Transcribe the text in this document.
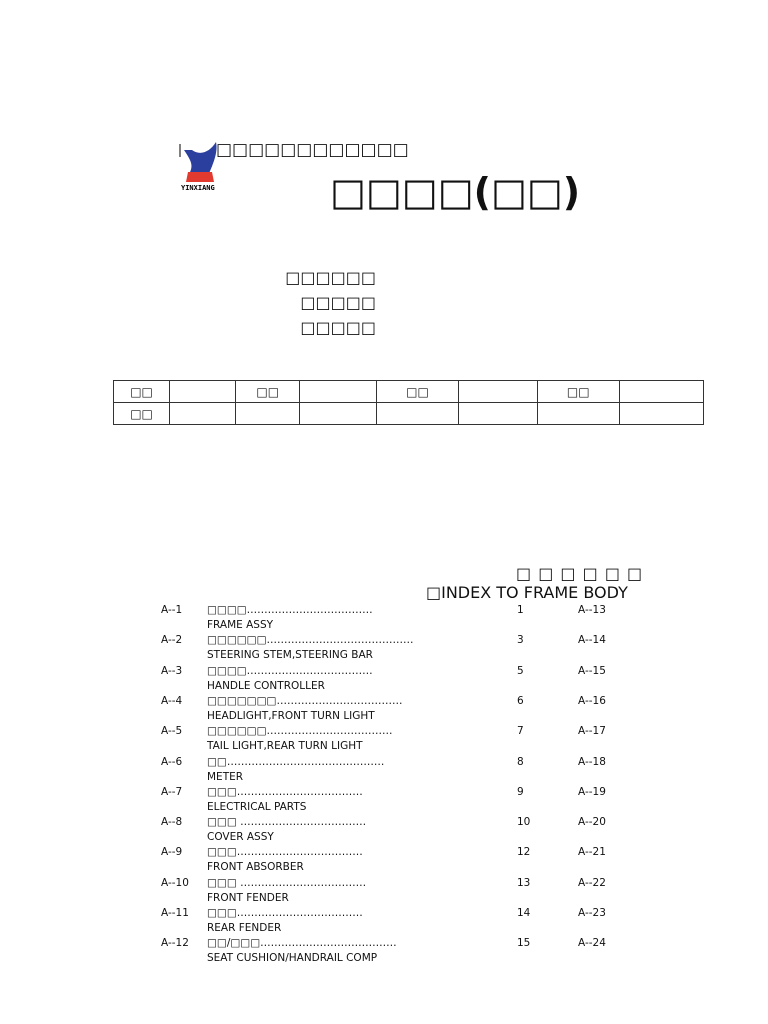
YINXIANG
□□□□□□□□□□□□
□□□□(□□)
□□□□□□
□□□□□
□□□□□
□□		□□		□□		□□	
□□							
□ □ □ □ □ □
□INDEX TO FRAME BODY
A--1 □□□□………………………………
FRAME ASSY
1	A--13
A--2 □□□□□□……………………………………
STEERING STEM,STEERING BAR
3	A--14
A--3 □□□□………………………………
HANDLE CONTROLLER
5	A--15
A--4 □□□□□□□………………………………
HEADLIGHT,FRONT TURN LIGHT
6	A--16
A--5 □□□□□□………………………………
TAIL LIGHT,REAR TURN LIGHT
7	A--17
A--6 □□………………………………………
METER
8	A--18
A--7 □□□………………………………
ELECTRICAL PARTS
9	A--19
A--8 □□□ ………………………………
COVER ASSY
10	A--20
A--9 □□□………………………………
FRONT ABSORBER
12	A--21
A--10 □□□ ………………………………
FRONT FENDER
13	A--22
A--11 □□□………………………………
REAR FENDER
14	A--23
A--12 □□/□□□…………………………………
SEAT CUSHION/HANDRAIL COMP
15	A--24
